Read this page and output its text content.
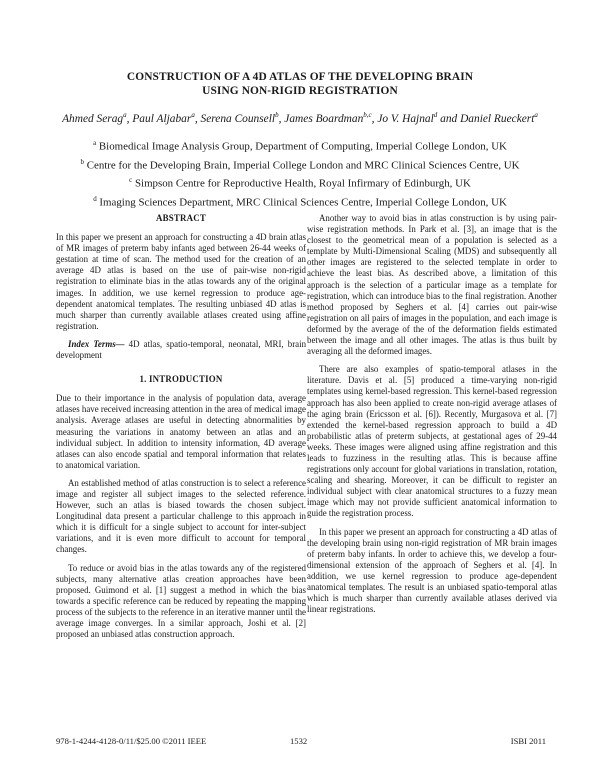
CONSTRUCTION OF A 4D ATLAS OF THE DEVELOPING BRAIN
USING NON-RIGID REGISTRATION
Ahmed Serag$^a$, Paul Aljabar$^a$, Serena Counsell$^b$, James Boardman$^{b,c}$, Jo V. Hajnal$^d$ and Daniel Rueckert$^a$
$^a$ Biomedical Image Analysis Group, Department of Computing, Imperial College London, UK
$^b$ Centre for the Developing Brain, Imperial College London and MRC Clinical Sciences Centre, UK
$^c$ Simpson Centre for Reproductive Health, Royal Infirmary of Edinburgh, UK
$^d$ Imaging Sciences Department, MRC Clinical Sciences Centre, Imperial College London, UK
ABSTRACT

In this paper we present an approach for constructing a 4D brain atlas of MR images of preterm baby infants aged between 26-44 weeks of gestation at time of scan. The method used for the creation of an average 4D atlas is based on the use of pair-wise non-rigid registration to eliminate bias in the atlas towards any of the original images. In addition, we use kernel regression to produce age-dependent anatomical templates. The resulting unbiased 4D atlas is much sharper than currently available atlases created using affine registration.

Index Terms— 4D atlas, spatio-temporal, neonatal, MRI, brain development

1. INTRODUCTION

Due to their importance in the analysis of population data, average atlases have received increasing attention in the area of medical image analysis. Average atlases are useful in detecting abnormalities by measuring the variations in anatomy between an atlas and an individual subject. In addition to intensity information, 4D average atlases can also encode spatial and temporal information that relates to anatomical variation.

An established method of atlas construction is to select a reference image and register all subject images to the selected reference. However, such an atlas is biased towards the chosen subject. Longitudinal data present a particular challenge to this approach in which it is difficult for a single subject to account for inter-subject variations, and it is even more difficult to account for temporal changes.

To reduce or avoid bias in the atlas towards any of the registered subjects, many alternative atlas creation approaches have been proposed. Guimond et al. [1] suggest a method in which the bias towards a specific reference can be reduced by repeating the mapping process of the subjects to the reference in an iterative manner until the average image converges. In a similar approach, Joshi et al. [2] proposed an unbiased atlas construction approach.

Another way to avoid bias in atlas construction is by using pair-wise registration methods. In Park et al. [3], an image that is the closest to the geometrical mean of a population is selected as a template by Multi-Dimensional Scaling (MDS) and subsequently all other images are registered to the selected template in order to achieve the least bias. As described above, a limitation of this approach is the selection of a particular image as a template for registration, which can introduce bias to the final registration. Another method proposed by Seghers et al. [4] carries out pair-wise registration on all pairs of images in the population, and each image is deformed by the average of the of the deformation fields estimated between the image and all other images. The atlas is thus built by averaging all the deformed images.

There are also examples of spatio-temporal atlases in the literature. Davis et al. [5] produced a time-varying non-rigid templates using kernel-based regression. This kernel-based regression approach has also been applied to create non-rigid average atlases of the aging brain (Ericsson et al. [6]). Recently, Murgasova et al. [7] extended the kernel-based regression approach to build a 4D probabilistic atlas of preterm subjects, at gestational ages of 29-44 weeks. These images were aligned using affine registration and this leads to fuzziness in the resulting atlas. This is because affine registrations only account for global variations in translation, rotation, scaling and shearing. Moreover, it can be difficult to register an individual subject with clear anatomical structures to a fuzzy mean image which may not provide sufficient anatomical information to guide the registration process.

In this paper we present an approach for constructing a 4D atlas of the developing brain using non-rigid registration of MR brain images of preterm baby infants. In order to achieve this, we develop a four-dimensional extension of the approach of Seghers et al. [4]. In addition, we use kernel regression to produce age-dependent anatomical templates. The result is an unbiased spatio-temporal atlas which is much sharper than currently available atlases derived via linear registrations.

978-1-4244-4128-0/11/$25.00 ©2011 IEEE	1532	ISBI 2011
